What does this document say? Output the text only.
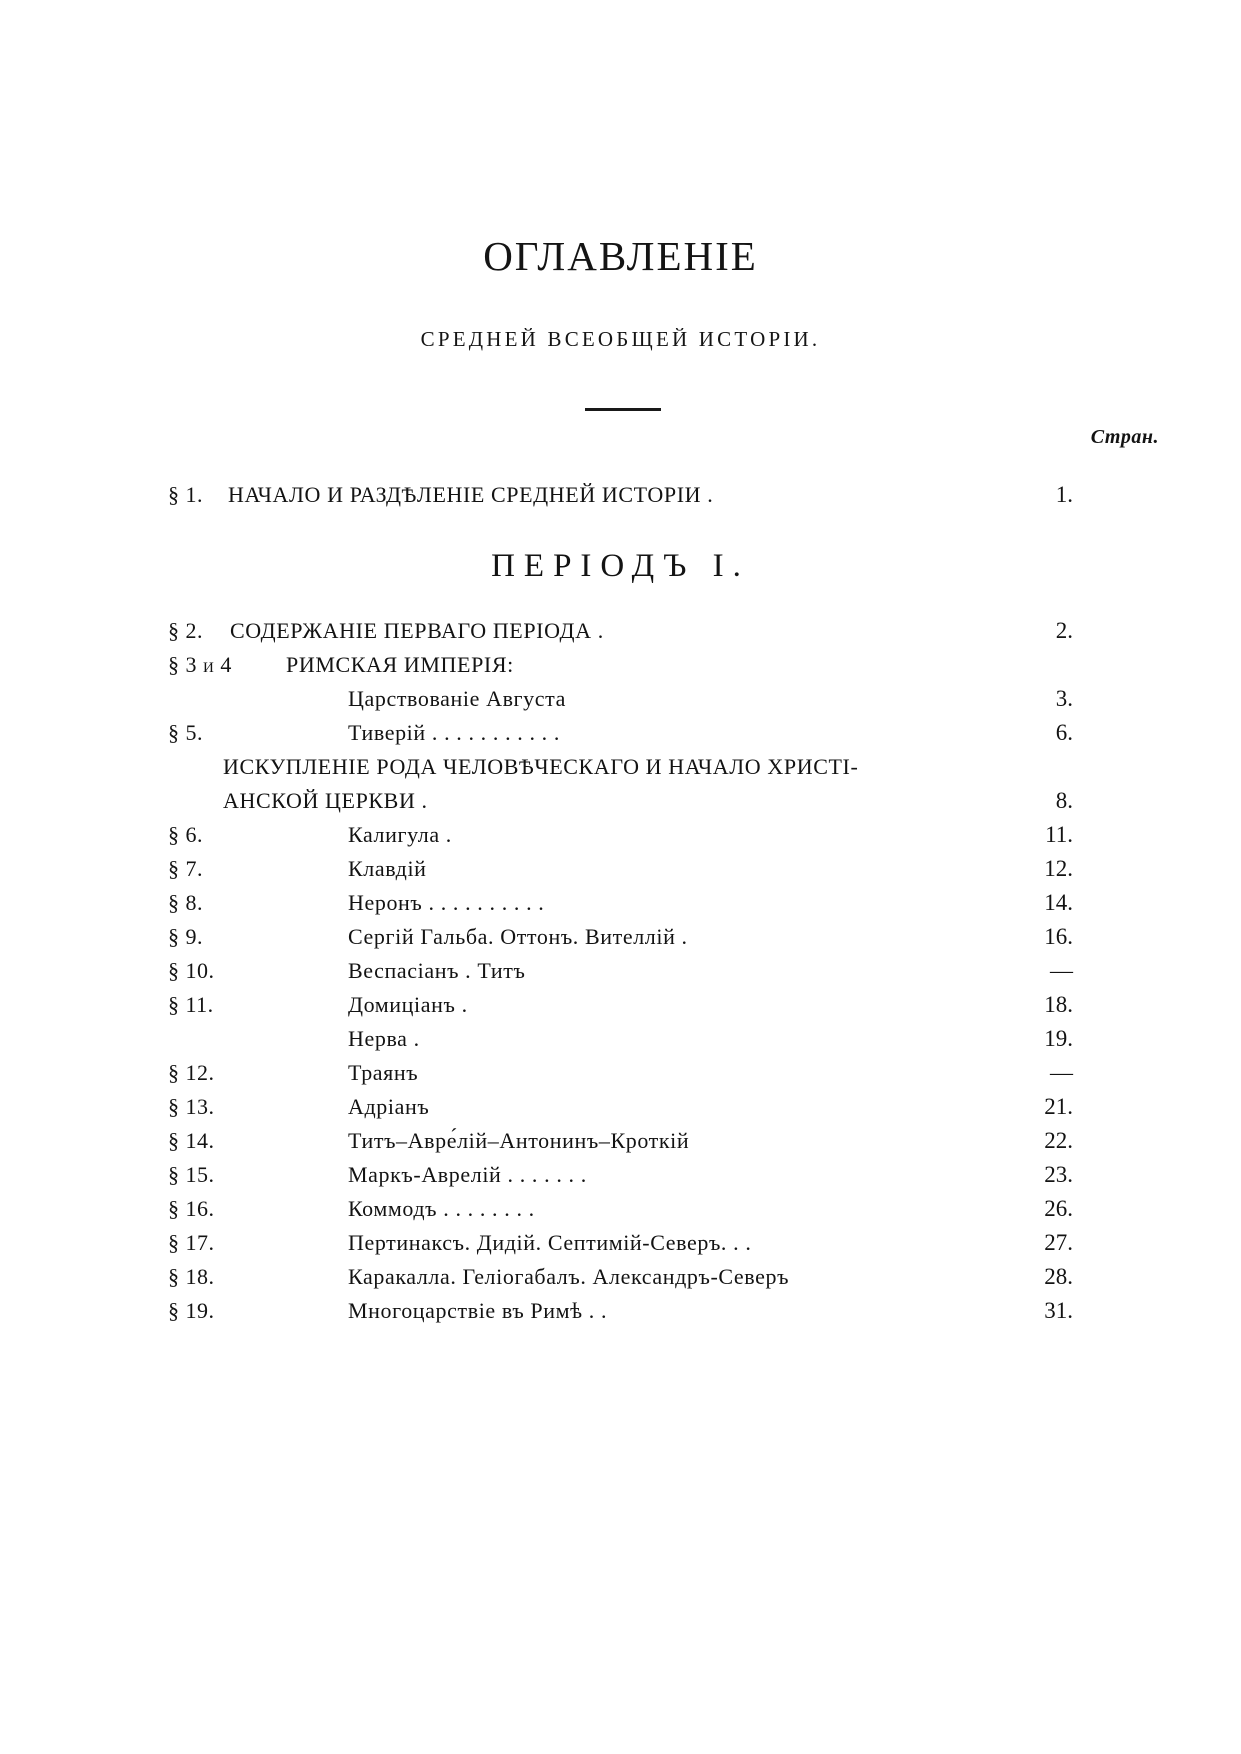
ОГЛАВЛЕНІЕ
СРЕДНЕЙ ВСЕОБЩЕЙ ИСТОРІИ.
Стран.
§ 1.	НАЧАЛО И РАЗДѢЛЕНІЕ СРЕДНЕЙ ИСТОРІИ .	1.
ПЕРІОДЪ I.
§ 2.	СОДЕРЖАНІЕ ПЕРВАГО ПЕРІОДА .	2.
§ 3 и 4	РИМСКАЯ ИМПЕРІЯ:
Царствованіе Августа	3.
§ 5.	Тиверій . . . . . . . . . . .	6.
ИСКУПЛЕНІЕ РОДА ЧЕЛОВѢЧЕСКАГО И НАЧАЛО ХРИСТІ-
АНСКОЙ ЦЕРКВИ .	8.
§ 6.	Калигула .	11.
§ 7.	Клавдій	12.
§ 8.	Неронъ . . . . . . . . . .	14.
§ 9.	Сергій Гальба. Оттонъ. Вителлій .	16.
§ 10.	Веспасіанъ . Титъ	—
§ 11.	Домиціанъ .	18.
Нерва .	19.
§ 12.	Траянъ	—
§ 13.	Адріанъ	21.
§ 14.	Титъ–Авре́лій–Антонинъ–Кроткій	22.
§ 15.	Маркъ-Аврелій . . . . . . .	23.
§ 16.	Коммодъ . . . . . . . .	26.
§ 17.	Пертинаксъ. Дидій. Септимій-Северъ. . .	27.
§ 18.	Каракалла. Геліогабалъ. Александръ-Северъ	28.
§ 19.	Многоцарствіе въ Римѣ . .	31.
